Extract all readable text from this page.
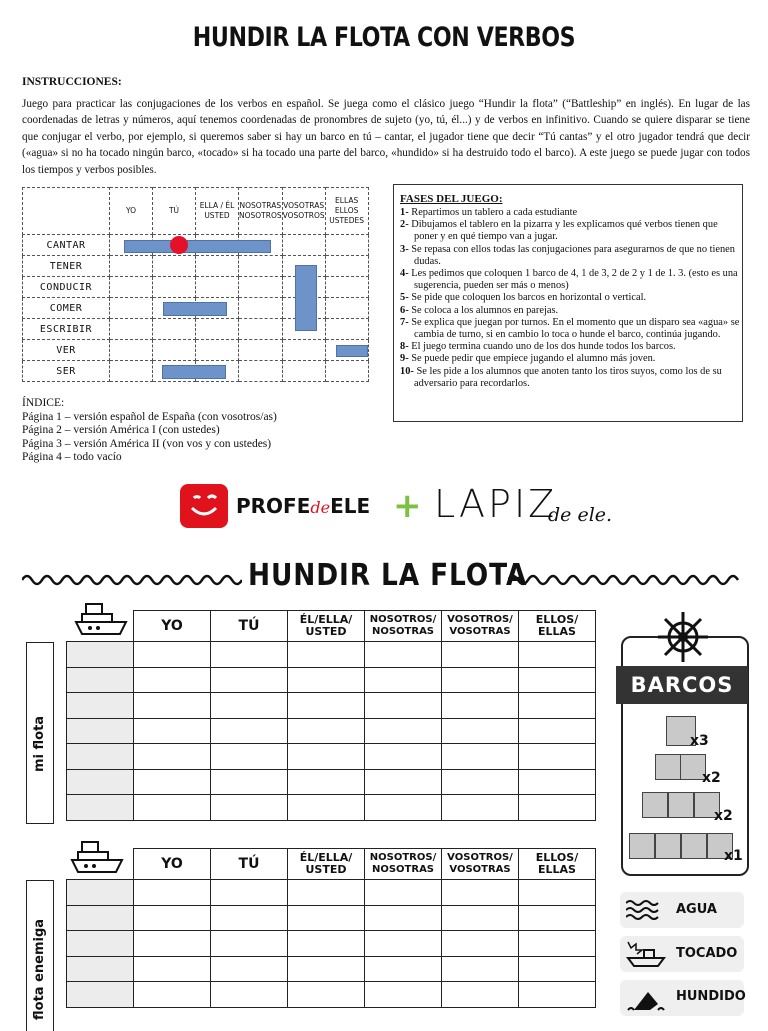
HUNDIR LA FLOTA CON VERBOS
INSTRUCCIONES:
Juego para practicar las conjugaciones de los verbos en español. Se juega como el clásico juego “Hundir la flota” (“Battleship” en inglés). En lugar de las coordenadas de letras y números, aquí tenemos coordenadas de pronombres de sujeto (yo, tú, él...) y de verbos en infinitivo. Cuando se quiere disparar se tiene que conjugar el verbo, por ejemplo, si queremos saber si hay un barco en tú – cantar, el jugador tiene que decir “Tú cantas” y el otro jugador tendrá que decir («agua» si no ha tocado ningún barco, «tocado» si ha tocado una parte del barco, «hundido» si ha destruido todo el barco). A este juego se puede jugar con todos los tiempos y verbos posibles.
	YO	TÚ	ELLA / ÉL USTED	NOSOTRAS NOSOTROS	VOSOTRAS VOSOTROS	ELLAS ELLOS USTEDES
CANTAR						
TENER						
CONDUCIR						
COMER						
ESCRIBIR						
VER						
SER						
FASES DEL JUEGO:
1- Repartimos un tablero a cada estudiante
2- Dibujamos el tablero en la pizarra y les explicamos qué verbos tienen que poner y en qué tiempo van a jugar.
3- Se repasa con ellos todas las conjugaciones para asegurarnos de que no tienen dudas.
4- Les pedimos que coloquen 1 barco de 4, 1 de 3, 2 de 2 y 1 de 1. 3. (esto es una sugerencia, pueden ser más o menos)
5- Se pide que coloquen los barcos en horizontal o vertical.
6- Se coloca a los alumnos en parejas.
7- Se explica que juegan por turnos. En el momento que un disparo sea «agua» se cambia de turno, si en cambio lo toca o hunde el barco, continúa jugando.
8- El juego termina cuando uno de los dos hunde todos los barcos.
9- Se puede pedir que empiece jugando el alumno más joven.
10- Se les pide a los alumnos que anoten tanto los tiros suyos, como los de su adversario para recordarlos.
ÍNDICE:
Página 1 – versión español de España (con vosotros/as)
Página 2 – versión América I (con ustedes)
Página 3 – versión América II (von vos y con ustedes)
Página 4 – todo vacío
PROFEdeELE + LAPIZ
de ele.
HUNDIR LA FLOTA
	YO	TÚ	ÉL/ELLA/ USTED	NOSOTROS/ NOSOTRAS	VOSOTROS/ VOSOTRAS	ELLOS/ ELLAS

mi flota
BARCOS
x3
x2
x2
x1
	YO	TÚ	ÉL/ELLA/ USTED	NOSOTROS/ NOSOTRAS	VOSOTROS/ VOSOTRAS	ELLOS/ ELLAS

flota enemiga
AGUA
TOCADO
HUNDIDO
